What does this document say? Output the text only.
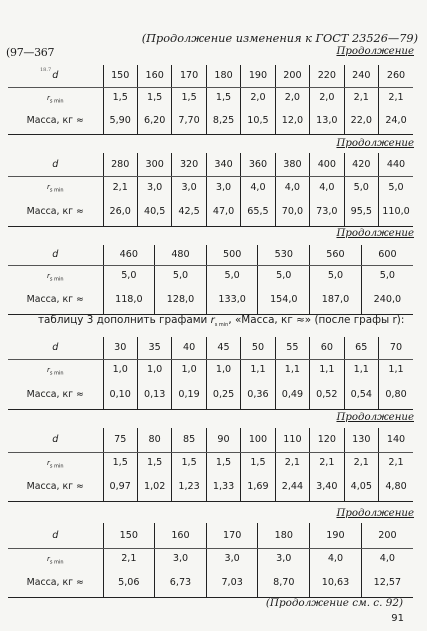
(Продолжение изменения к ГОСТ 23526—79)
(97—367
18.7
Продолжение
Продолжение
Продолжение
Продолжение
Продолжение
таблицу 3 дополнить графами $r_{s min}$, «Масса, кг ≈» (после графы r):
(Продолжение см. с. 92)
91
d	150	160	170	180	190	200	220	240	260
$r_{s min}$	1,5	1,5	1,5	1,5	2,0	2,0	2,0	2,1	2,1
Масса, кг ≈	5,90	6,20	7,70	8,25	10,5	12,0	13,0	22,0	24,0
d	280	300	320	340	360	380	400	420	440
$r_{s min}$	2,1	3,0	3,0	3,0	4,0	4,0	4,0	5,0	5,0
Масса, кг ≈	26,0	40,5	42,5	47,0	65,5	70,0	73,0	95,5	110,0
d	460	480	500	530	560	600
$r_{s min}$	5,0	5,0	5,0	5,0	5,0	5,0
Масса, кг ≈	118,0	128,0	133,0	154,0	187,0	240,0
d	30	35	40	45	50	55	60	65	70
$r_{s min}$	1,0	1,0	1,0	1,0	1,1	1,1	1,1	1,1	1,1
Масса, кг ≈	0,10	0,13	0,19	0,25	0,36	0,49	0,52	0,54	0,80
d	75	80	85	90	100	110	120	130	140
$r_{s min}$	1,5	1,5	1,5	1,5	1,5	2,1	2,1	2,1	2,1
Масса, кг ≈	0,97	1,02	1,23	1,33	1,69	2,44	3,40	4,05	4,80
d	150	160	170	180	190	200
$r_{s min}$	2,1	3,0	3,0	3,0	4,0	4,0
Масса, кг ≈	5,06	6,73	7,03	8,70	10,63	12,57
